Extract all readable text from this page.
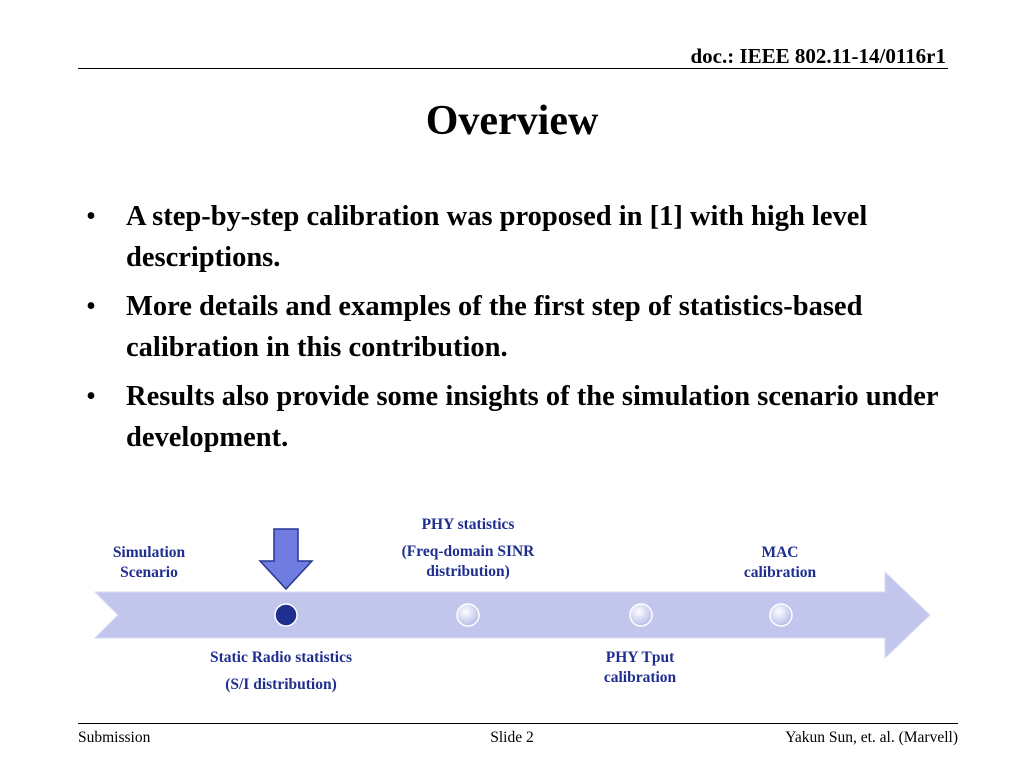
doc.: IEEE 802.11-14/0116r1
Overview
• A step-by-step calibration was proposed in [1] with high level descriptions.
• More details and examples of the first step of statistics-based calibration in this contribution.
• Results also provide some insights of the simulation scenario under development.
Simulation
Scenario
PHY statistics
(Freq-domain SINR
distribution)
MAC
calibration
Static Radio statistics
(S/I distribution)
PHY Tput
calibration
Submission	Slide 2	Yakun Sun, et. al. (Marvell)
